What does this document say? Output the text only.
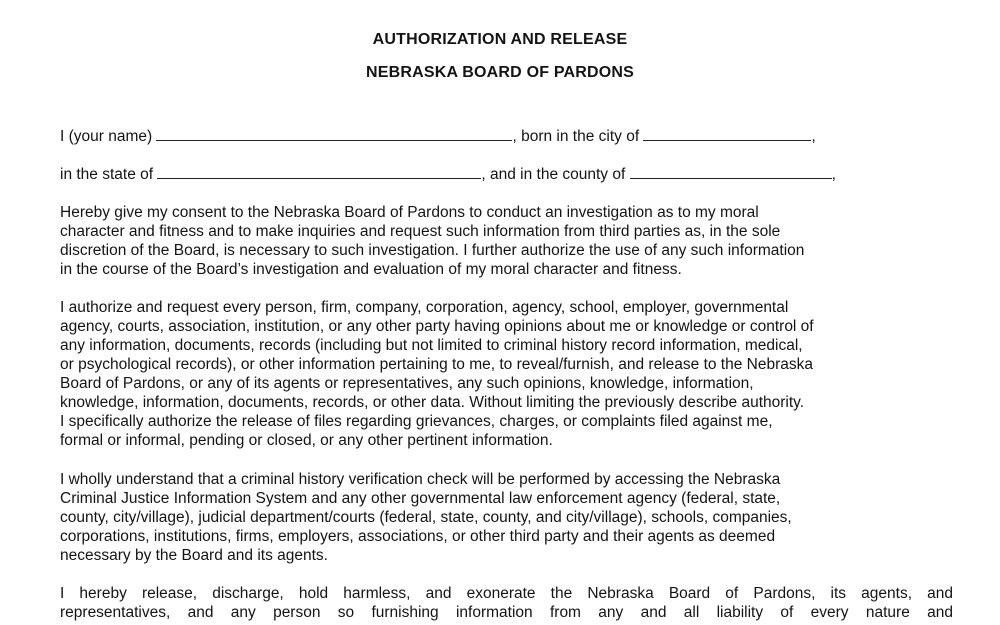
AUTHORIZATION AND RELEASE
NEBRASKA BOARD OF PARDONS
I (your name)	, born in the city of	,
in the state of	, and in the county of	,
Hereby give my consent to the Nebraska Board of Pardons to conduct an investigation as to my moral
character and fitness and to make inquiries and request such information from third parties as, in the sole
discretion of the Board, is necessary to such investigation. I further authorize the use of any such information
in the course of the Board’s investigation and evaluation of my moral character and fitness.
I authorize and request every person, firm, company, corporation, agency, school, employer, governmental
agency, courts, association, institution, or any other party having opinions about me or knowledge or control of
any information, documents, records (including but not limited to criminal history record information, medical,
or psychological records), or other information pertaining to me, to reveal/furnish, and release to the Nebraska
Board of Pardons, or any of its agents or representatives, any such opinions, knowledge, information,
knowledge, information, documents, records, or other data. Without limiting the previously describe authority.
I specifically authorize the release of files regarding grievances, charges, or complaints filed against me,
formal or informal, pending or closed, or any other pertinent information.
I wholly understand that a criminal history verification check will be performed by accessing the Nebraska
Criminal Justice Information System and any other governmental law enforcement agency (federal, state,
county, city/village), judicial department/courts (federal, state, county, and city/village), schools, companies,
corporations, institutions, firms, employers, associations, or other third party and their agents as deemed
necessary by the Board and its agents.
I hereby release, discharge, hold harmless, and exonerate the Nebraska Board of Pardons, its agents, and
representatives, and any person so furnishing information from any and all liability of every nature and
